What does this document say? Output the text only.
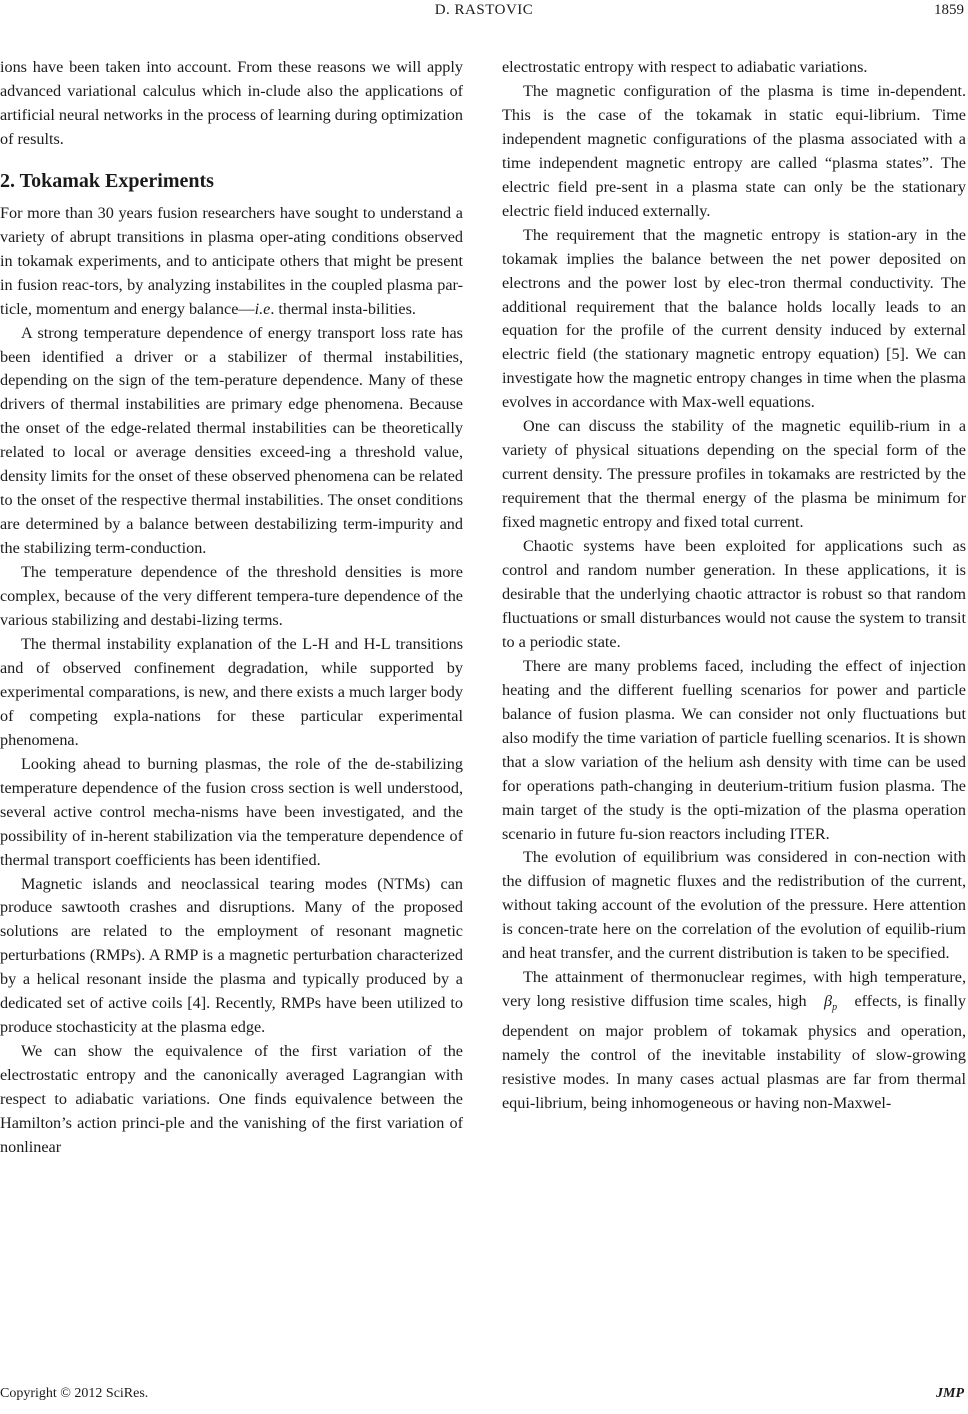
D. RASTOVIC	1859

ions have been taken into account. From these reasons we will apply advanced variational calculus which in-clude also the applications of artificial neural networks in the process of learning during optimization of results.

2. Tokamak Experiments

For more than 30 years fusion researchers have sought to understand a variety of abrupt transitions in plasma oper-ating conditions observed in tokamak experiments, and to anticipate others that might be present in fusion reac-tors, by analyzing instabilites in the coupled plasma par-ticle, momentum and energy balance—i.e. thermal insta-bilities.

A strong temperature dependence of energy transport loss rate has been identified a driver or a stabilizer of thermal instabilities, depending on the sign of the tem-perature dependence. Many of these drivers of thermal instabilities are primary edge phenomena. Because the onset of the edge-related thermal instabilities can be theoretically related to local or average densities exceed-ing a threshold value, density limits for the onset of these observed phenomena can be related to the onset of the respective thermal instabilities. The onset conditions are determined by a balance between destabilizing term-impurity and the stabilizing term-conduction.

The temperature dependence of the threshold densities is more complex, because of the very different tempera-ture dependence of the various stabilizing and destabi-lizing terms.

The thermal instability explanation of the L-H and H-L transitions and of observed confinement degradation, while supported by experimental comparations, is new, and there exists a much larger body of competing expla-nations for these particular experimental phenomena.

Looking ahead to burning plasmas, the role of the de-stabilizing temperature dependence of the fusion cross section is well understood, several active control mecha-nisms have been investigated, and the possibility of in-herent stabilization via the temperature dependence of thermal transport coefficients has been identified.

Magnetic islands and neoclassical tearing modes (NTMs) can produce sawtooth crashes and disruptions. Many of the proposed solutions are related to the employment of resonant magnetic perturbations (RMPs). A RMP is a magnetic perturbation characterized by a helical resonant inside the plasma and typically produced by a dedicated set of active coils [4]. Recently, RMPs have been utilized to produce stochasticity at the plasma edge.

We can show the equivalence of the first variation of the electrostatic entropy and the canonically averaged Lagrangian with respect to adiabatic variations. One finds equivalence between the Hamilton’s action princi-ple and the vanishing of the first variation of nonlinear

electrostatic entropy with respect to adiabatic variations.

The magnetic configuration of the plasma is time in-dependent. This is the case of the tokamak in static equi-librium. Time independent magnetic configurations of the plasma associated with a time independent magnetic entropy are called “plasma states”. The electric field pre-sent in a plasma state can only be the stationary electric field induced externally.

The requirement that the magnetic entropy is station-ary in the tokamak implies the balance between the net power deposited on electrons and the power lost by elec-tron thermal conductivity. The additional requirement that the balance holds locally leads to an equation for the profile of the current density induced by external electric field (the stationary magnetic entropy equation) [5]. We can investigate how the magnetic entropy changes in time when the plasma evolves in accordance with Max-well equations.

One can discuss the stability of the magnetic equilib-rium in a variety of physical situations depending on the special form of the current density. The pressure profiles in tokamaks are restricted by the requirement that the thermal energy of the plasma be minimum for fixed magnetic entropy and fixed total current.

Chaotic systems have been exploited for applications such as control and random number generation. In these applications, it is desirable that the underlying chaotic attractor is robust so that random fluctuations or small disturbances would not cause the system to transit to a periodic state.

There are many problems faced, including the effect of injection heating and the different fuelling scenarios for power and particle balance of fusion plasma. We can consider not only fluctuations but also modify the time variation of particle fuelling scenarios. It is shown that a slow variation of the helium ash density with time can be used for operations path-changing in deuterium-tritium fusion plasma. The main target of the study is the opti-mization of the plasma operation scenario in future fu-sion reactors including ITER.

The evolution of equilibrium was considered in con-nection with the diffusion of magnetic fluxes and the redistribution of the current, without taking account of the evolution of the pressure. Here attention is concen-trate here on the correlation of the evolution of equilib-rium and heat transfer, and the current distribution is taken to be specified.

The attainment of thermonuclear regimes, with high temperature, very long resistive diffusion time scales, high $\beta_p$ effects, is finally dependent on major problem of tokamak physics and operation, namely the control of the inevitable instability of slow-growing resistive modes. In many cases actual plasmas are far from thermal equi-librium, being inhomogeneous or having non-Maxwel-

Copyright © 2012 SciRes.	JMP
